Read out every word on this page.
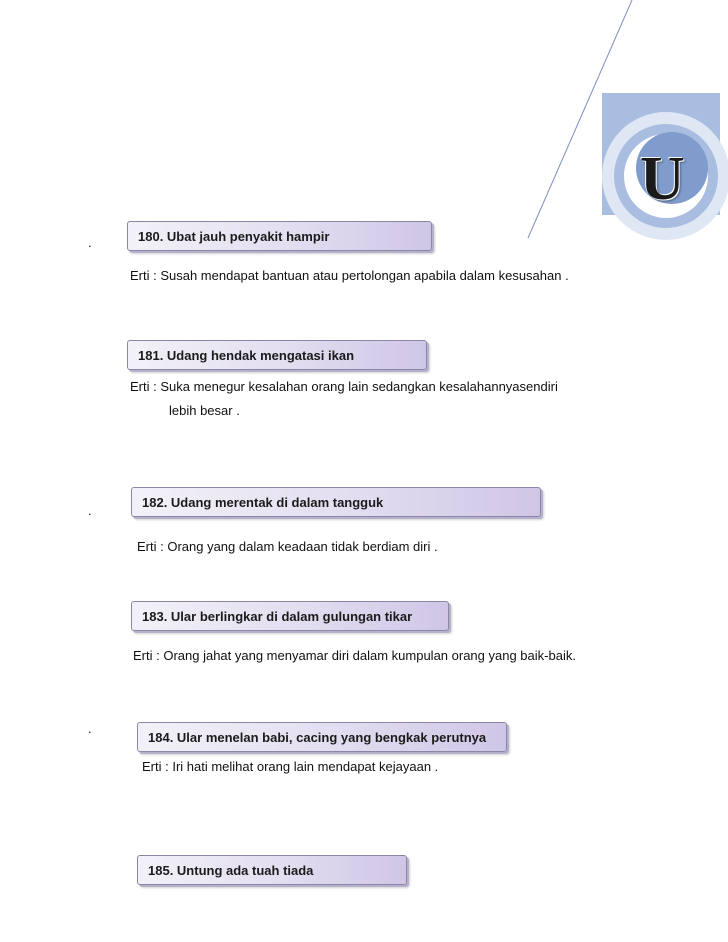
U
.
.
.
180. Ubat jauh penyakit hampir
Erti : Susah mendapat bantuan atau pertolongan apabila dalam kesusahan .
181. Udang hendak mengatasi ikan
Erti : Suka menegur kesalahan orang lain sedangkan kesalahannyasendiri
lebih besar .
182. Udang merentak di dalam tangguk
Erti : Orang yang dalam keadaan tidak berdiam diri .
183. Ular berlingkar di dalam gulungan tikar
Erti : Orang jahat yang menyamar diri dalam kumpulan orang yang baik-baik.
184. Ular menelan babi, cacing yang bengkak perutnya
Erti : Iri hati melihat orang lain mendapat kejayaan .
185. Untung ada tuah tiada
